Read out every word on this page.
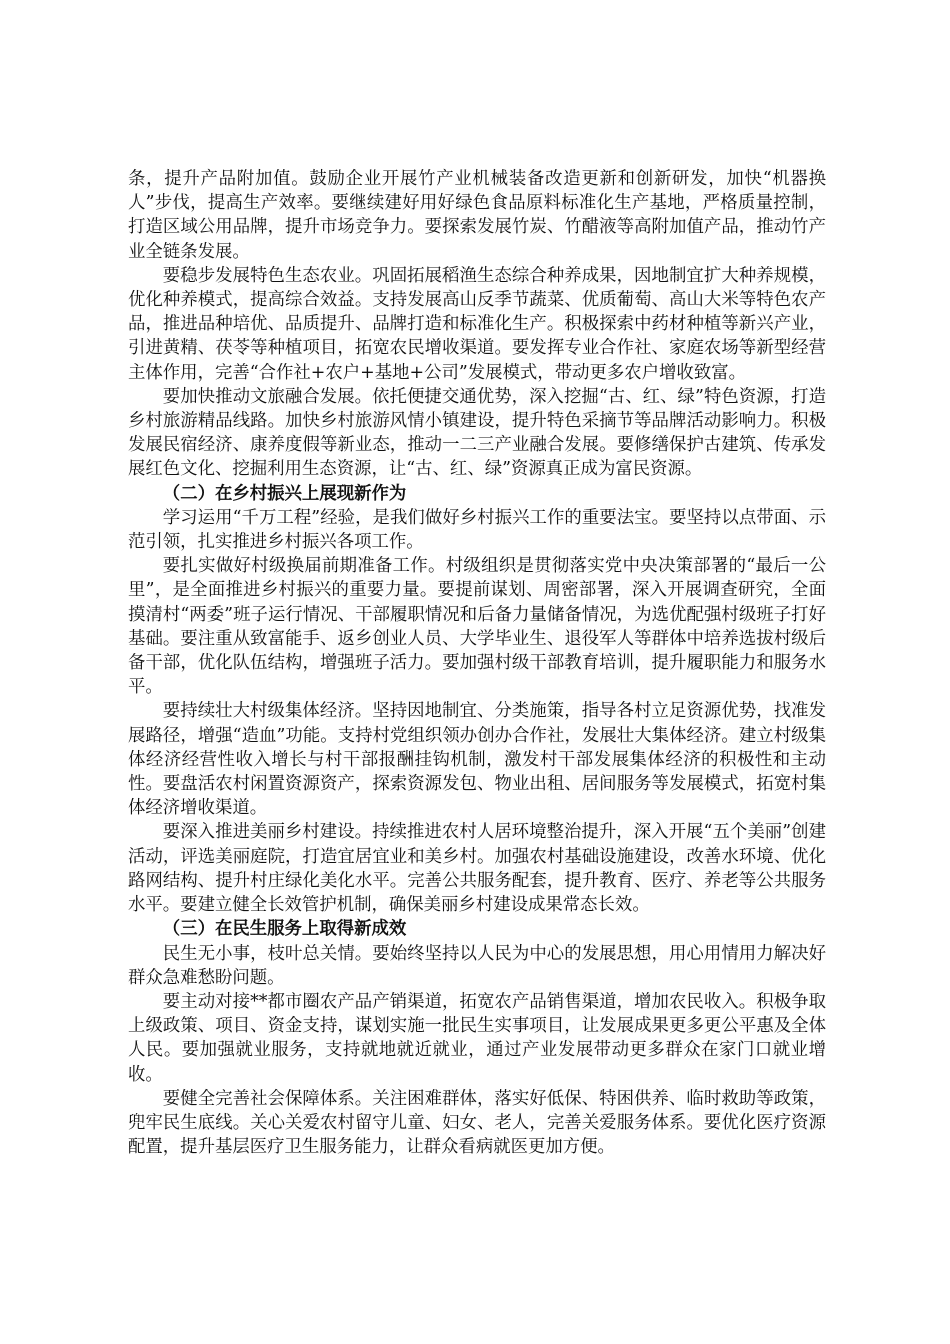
条，提升产品附加值。鼓励企业开展竹产业机械装备改造更新和创新研发，加快“机器换人”步伐，提高生产效率。要继续建好用好绿色食品原料标准化生产基地，严格质量控制，打造区域公用品牌，提升市场竞争力。要探索发展竹炭、竹醋液等高附加值产品，推动竹产业全链条发展。

要稳步发展特色生态农业。巩固拓展稻渔生态综合种养成果，因地制宜扩大种养规模，优化种养模式，提高综合效益。支持发展高山反季节蔬菜、优质葡萄、高山大米等特色农产品，推进品种培优、品质提升、品牌打造和标准化生产。积极探索中药材种植等新兴产业，引进黄精、茯苓等种植项目，拓宽农民增收渠道。要发挥专业合作社、家庭农场等新型经营主体作用，完善“合作社+农户+基地+公司”发展模式，带动更多农户增收致富。

要加快推动文旅融合发展。依托便捷交通优势，深入挖掘“古、红、绿”特色资源，打造乡村旅游精品线路。加快乡村旅游风情小镇建设，提升特色采摘节等品牌活动影响力。积极发展民宿经济、康养度假等新业态，推动一二三产业融合发展。要修缮保护古建筑、传承发展红色文化、挖掘利用生态资源，让“古、红、绿”资源真正成为富民资源。

（二）在乡村振兴上展现新作为

学习运用“千万工程”经验，是我们做好乡村振兴工作的重要法宝。要坚持以点带面、示范引领，扎实推进乡村振兴各项工作。

要扎实做好村级换届前期准备工作。村级组织是贯彻落实党中央决策部署的“最后一公里”，是全面推进乡村振兴的重要力量。要提前谋划、周密部署，深入开展调查研究，全面摸清村“两委”班子运行情况、干部履职情况和后备力量储备情况，为选优配强村级班子打好基础。要注重从致富能手、返乡创业人员、大学毕业生、退役军人等群体中培养选拔村级后备干部，优化队伍结构，增强班子活力。要加强村级干部教育培训，提升履职能力和服务水平。

要持续壮大村级集体经济。坚持因地制宜、分类施策，指导各村立足资源优势，找准发展路径，增强“造血”功能。支持村党组织领办创办合作社，发展壮大集体经济。建立村级集体经济经营性收入增长与村干部报酬挂钩机制，激发村干部发展集体经济的积极性和主动性。要盘活农村闲置资源资产，探索资源发包、物业出租、居间服务等发展模式，拓宽村集体经济增收渠道。

要深入推进美丽乡村建设。持续推进农村人居环境整治提升，深入开展“五个美丽”创建活动，评选美丽庭院，打造宜居宜业和美乡村。加强农村基础设施建设，改善水环境、优化路网结构、提升村庄绿化美化水平。完善公共服务配套，提升教育、医疗、养老等公共服务水平。要建立健全长效管护机制，确保美丽乡村建设成果常态长效。

（三）在民生服务上取得新成效

民生无小事，枝叶总关情。要始终坚持以人民为中心的发展思想，用心用情用力解决好群众急难愁盼问题。

要主动对接**都市圈农产品产销渠道，拓宽农产品销售渠道，增加农民收入。积极争取上级政策、项目、资金支持，谋划实施一批民生实事项目，让发展成果更多更公平惠及全体人民。要加强就业服务，支持就地就近就业，通过产业发展带动更多群众在家门口就业增收。

要健全完善社会保障体系。关注困难群体，落实好低保、特困供养、临时救助等政策，兜牢民生底线。关心关爱农村留守儿童、妇女、老人，完善关爱服务体系。要优化医疗资源配置，提升基层医疗卫生服务能力，让群众看病就医更加方便。
